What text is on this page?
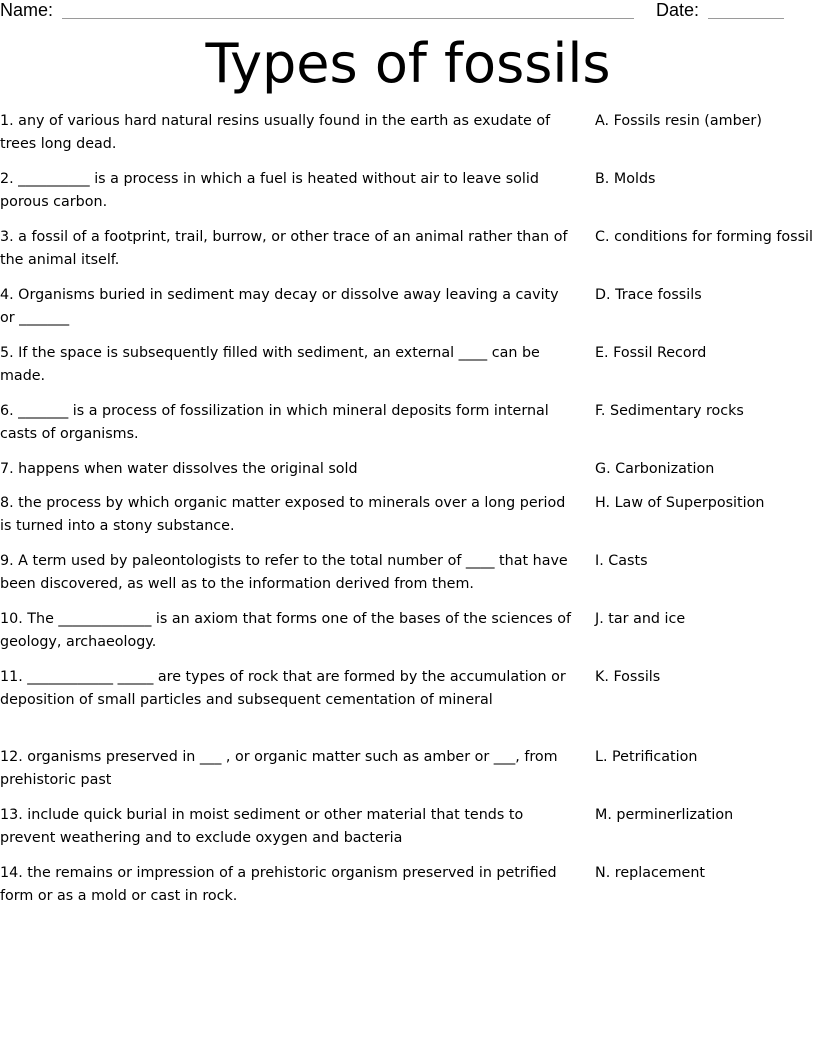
Name:	Date:
Types of fossils
1. any of various hard natural resins usually found in the earth as exudate of trees long dead.
A. Fossils resin (amber)
2. __________ is a process in which a fuel is heated without air to leave solid porous carbon.
B. Molds
3. a fossil of a footprint, trail, burrow, or other trace of an animal rather than of the animal itself.
C. conditions for forming fossil
4. Organisms buried in sediment may decay or dissolve away leaving a cavity or _______
D. Trace fossils
5. If the space is subsequently filled with sediment, an external ____ can be made.
E. Fossil Record
6. _______ is a process of fossilization in which mineral deposits form internal casts of organisms.
F. Sedimentary rocks
7. happens when water dissolves the original sold	G. Carbonization
8. the process by which organic matter exposed to minerals over a long period is turned into a stony substance.
H. Law of Superposition
9. A term used by paleontologists to refer to the total number of ____ that have been discovered, as well as to the information derived from them.
I. Casts
10. The _____________ is an axiom that forms one of the bases of the sciences of geology, archaeology.
J. tar and ice
11. ____________ _____ are types of rock that are formed by the accumulation or deposition of small particles and subsequent cementation of mineral
K. Fossils
12. organisms preserved in ___ , or organic matter such as amber or ___, from prehistoric past
L. Petrification
13. include quick burial in moist sediment or other material that tends to prevent weathering and to exclude oxygen and bacteria
M. perminerlization
14. the remains or impression of a prehistoric organism preserved in petrified form or as a mold or cast in rock.
N. replacement
